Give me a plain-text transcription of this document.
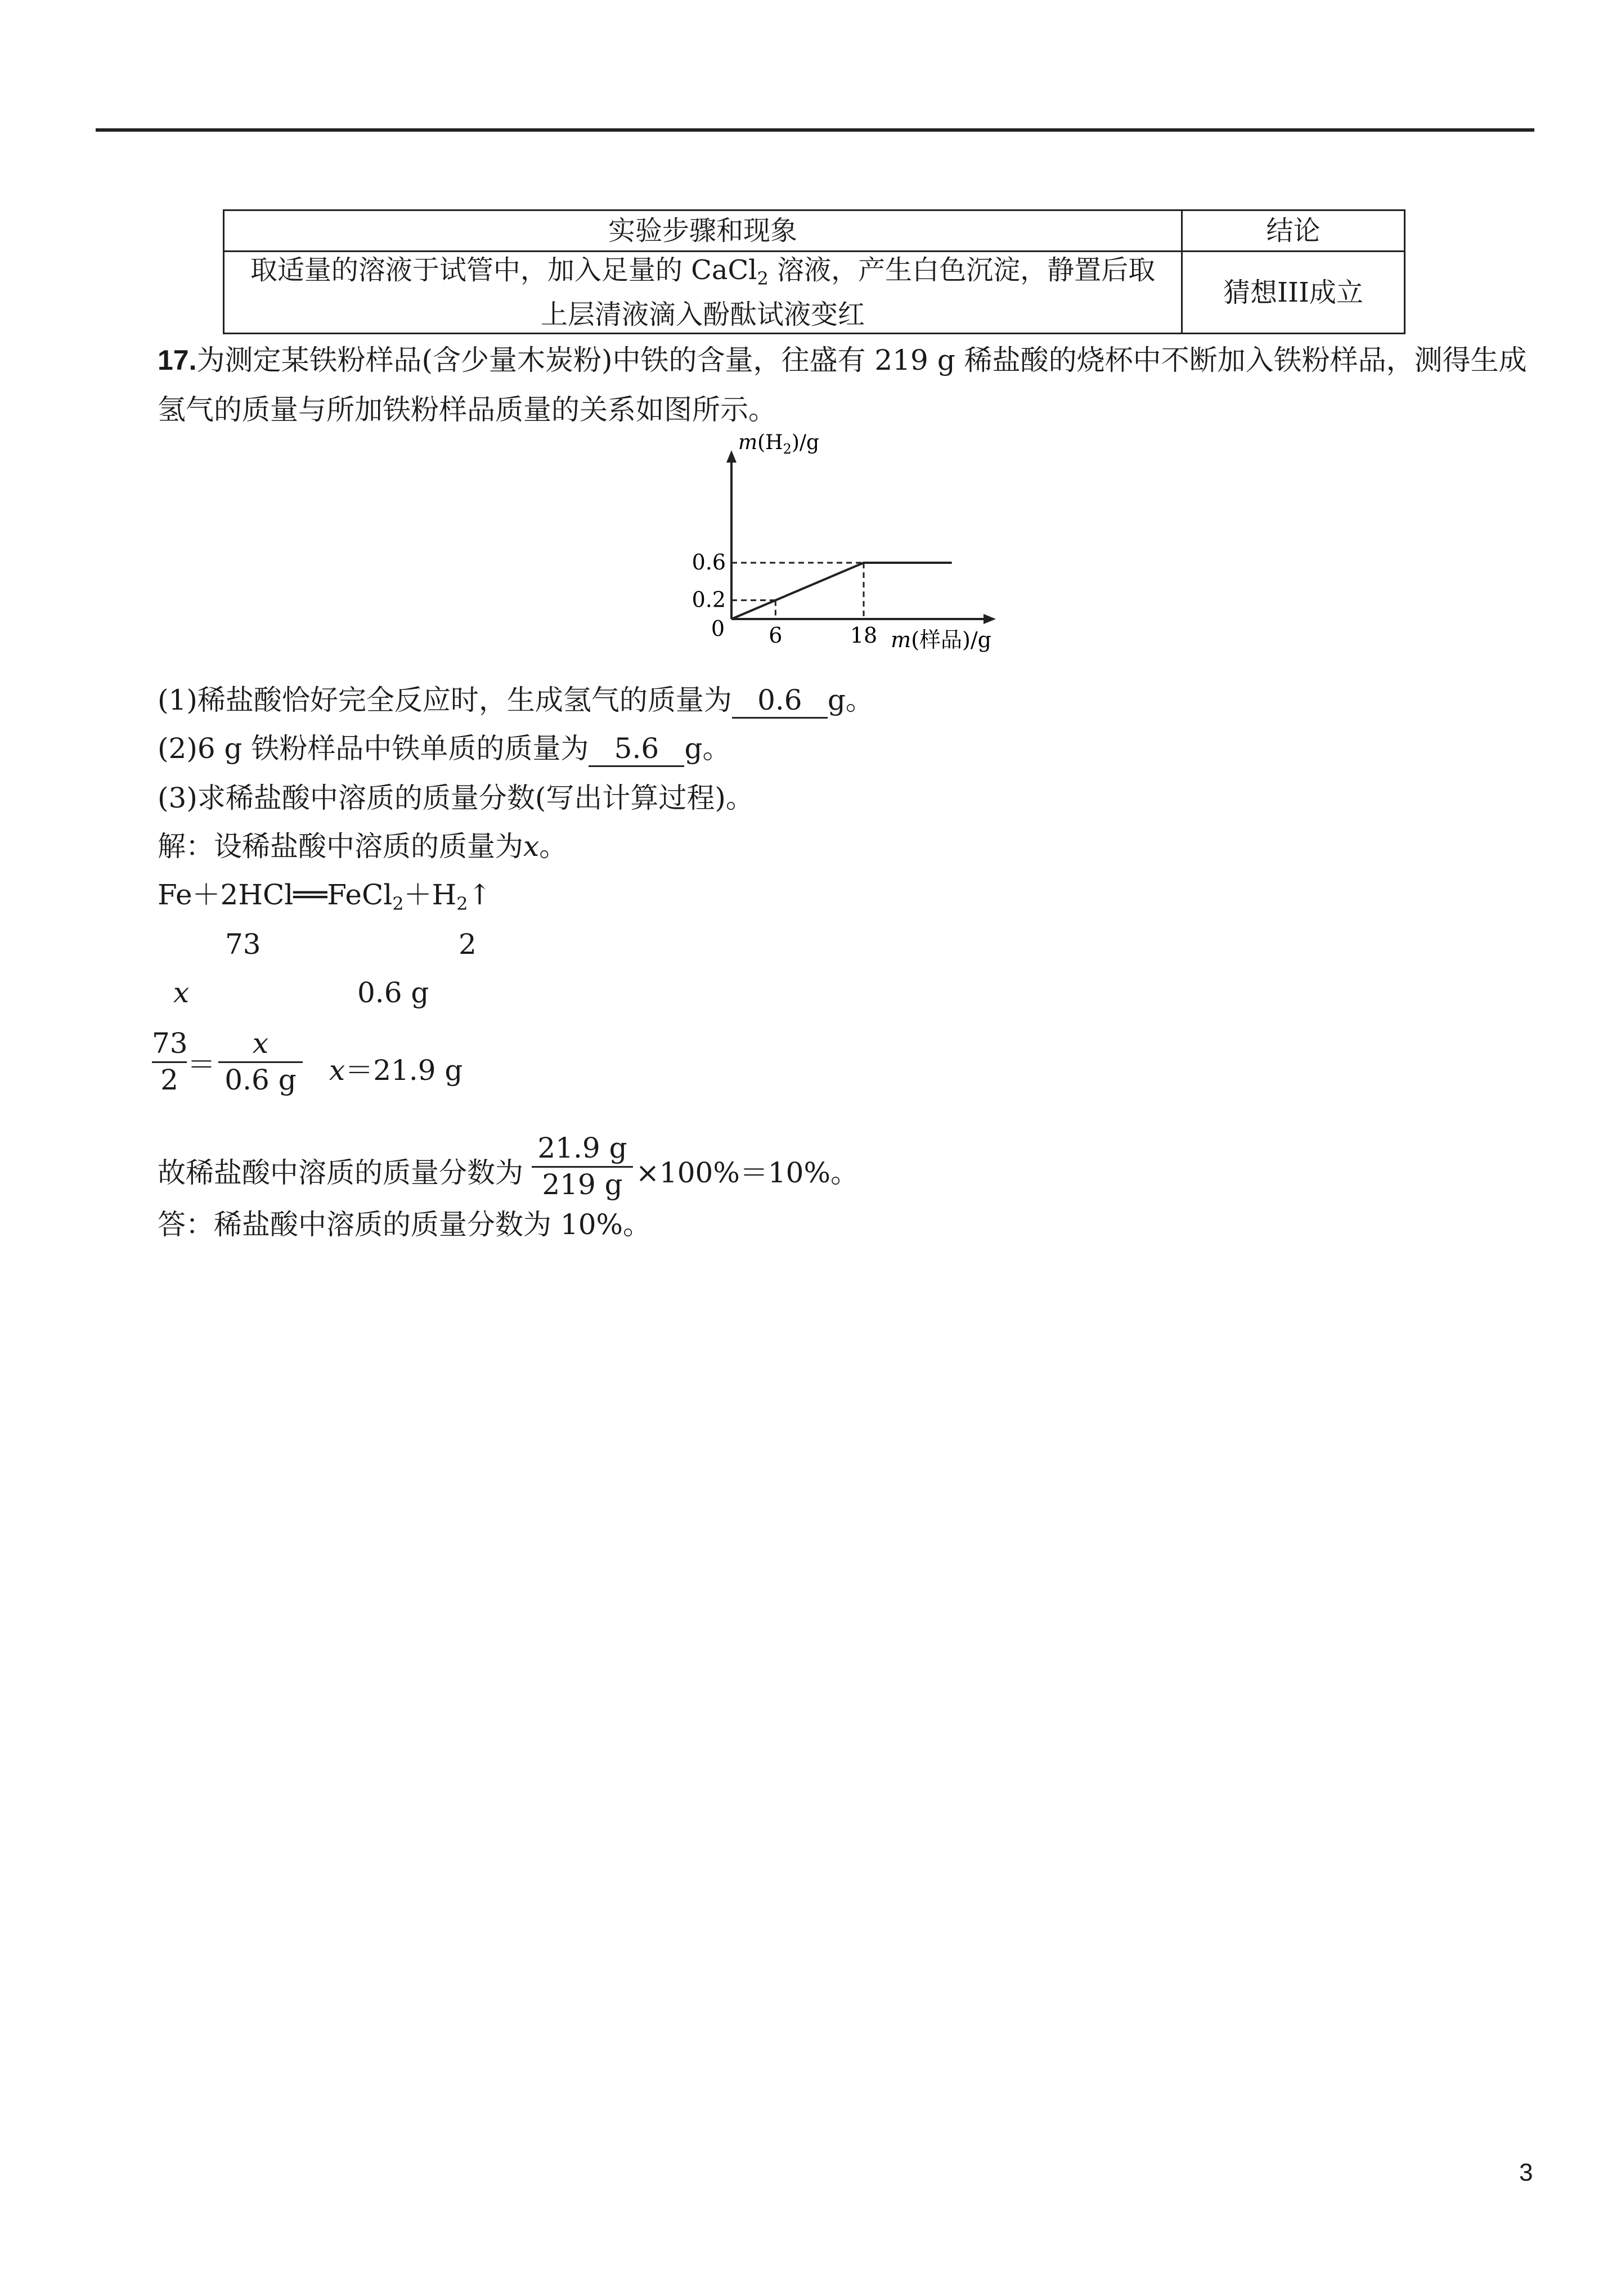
实验步骤和现象	结论

取适量的溶液于试管中，加入足量的 CaCl$_2$ 溶液，产生白色沉淀，静置后取
上层清液滴入酚酞试液变红	猜想III成立
17.为测定某铁粉样品(含少量木炭粉)中铁的含量，往盛有 219 g 稀盐酸的烧杯中不断加入铁粉样品，测得生成氢气的质量与所加铁粉样品质量的关系如图所示。
6	18
0.2
0.6
0
$m(H_2)/g$
m(样品)/g
(1)稀盐酸恰好完全反应时，生成氢气的质量为 0.6 g。
(2)6 g 铁粉样品中铁单质的质量为 5.6 g。
(3)求稀盐酸中溶质的质量分数(写出计算过程)。
解：设稀盐酸中溶质的质量为x。
$Fe+2HCl══FeCl_2+H_2↑$
73	2
x	0.6 g
$\frac{73}{2} = \frac{x}{0.6 g} x=21.9$ g
故稀盐酸中溶质的质量分数为 $\frac{21.9 g}{219 g} \times 100\%=10\%$。
答：稀盐酸中溶质的质量分数为 10%。
3
